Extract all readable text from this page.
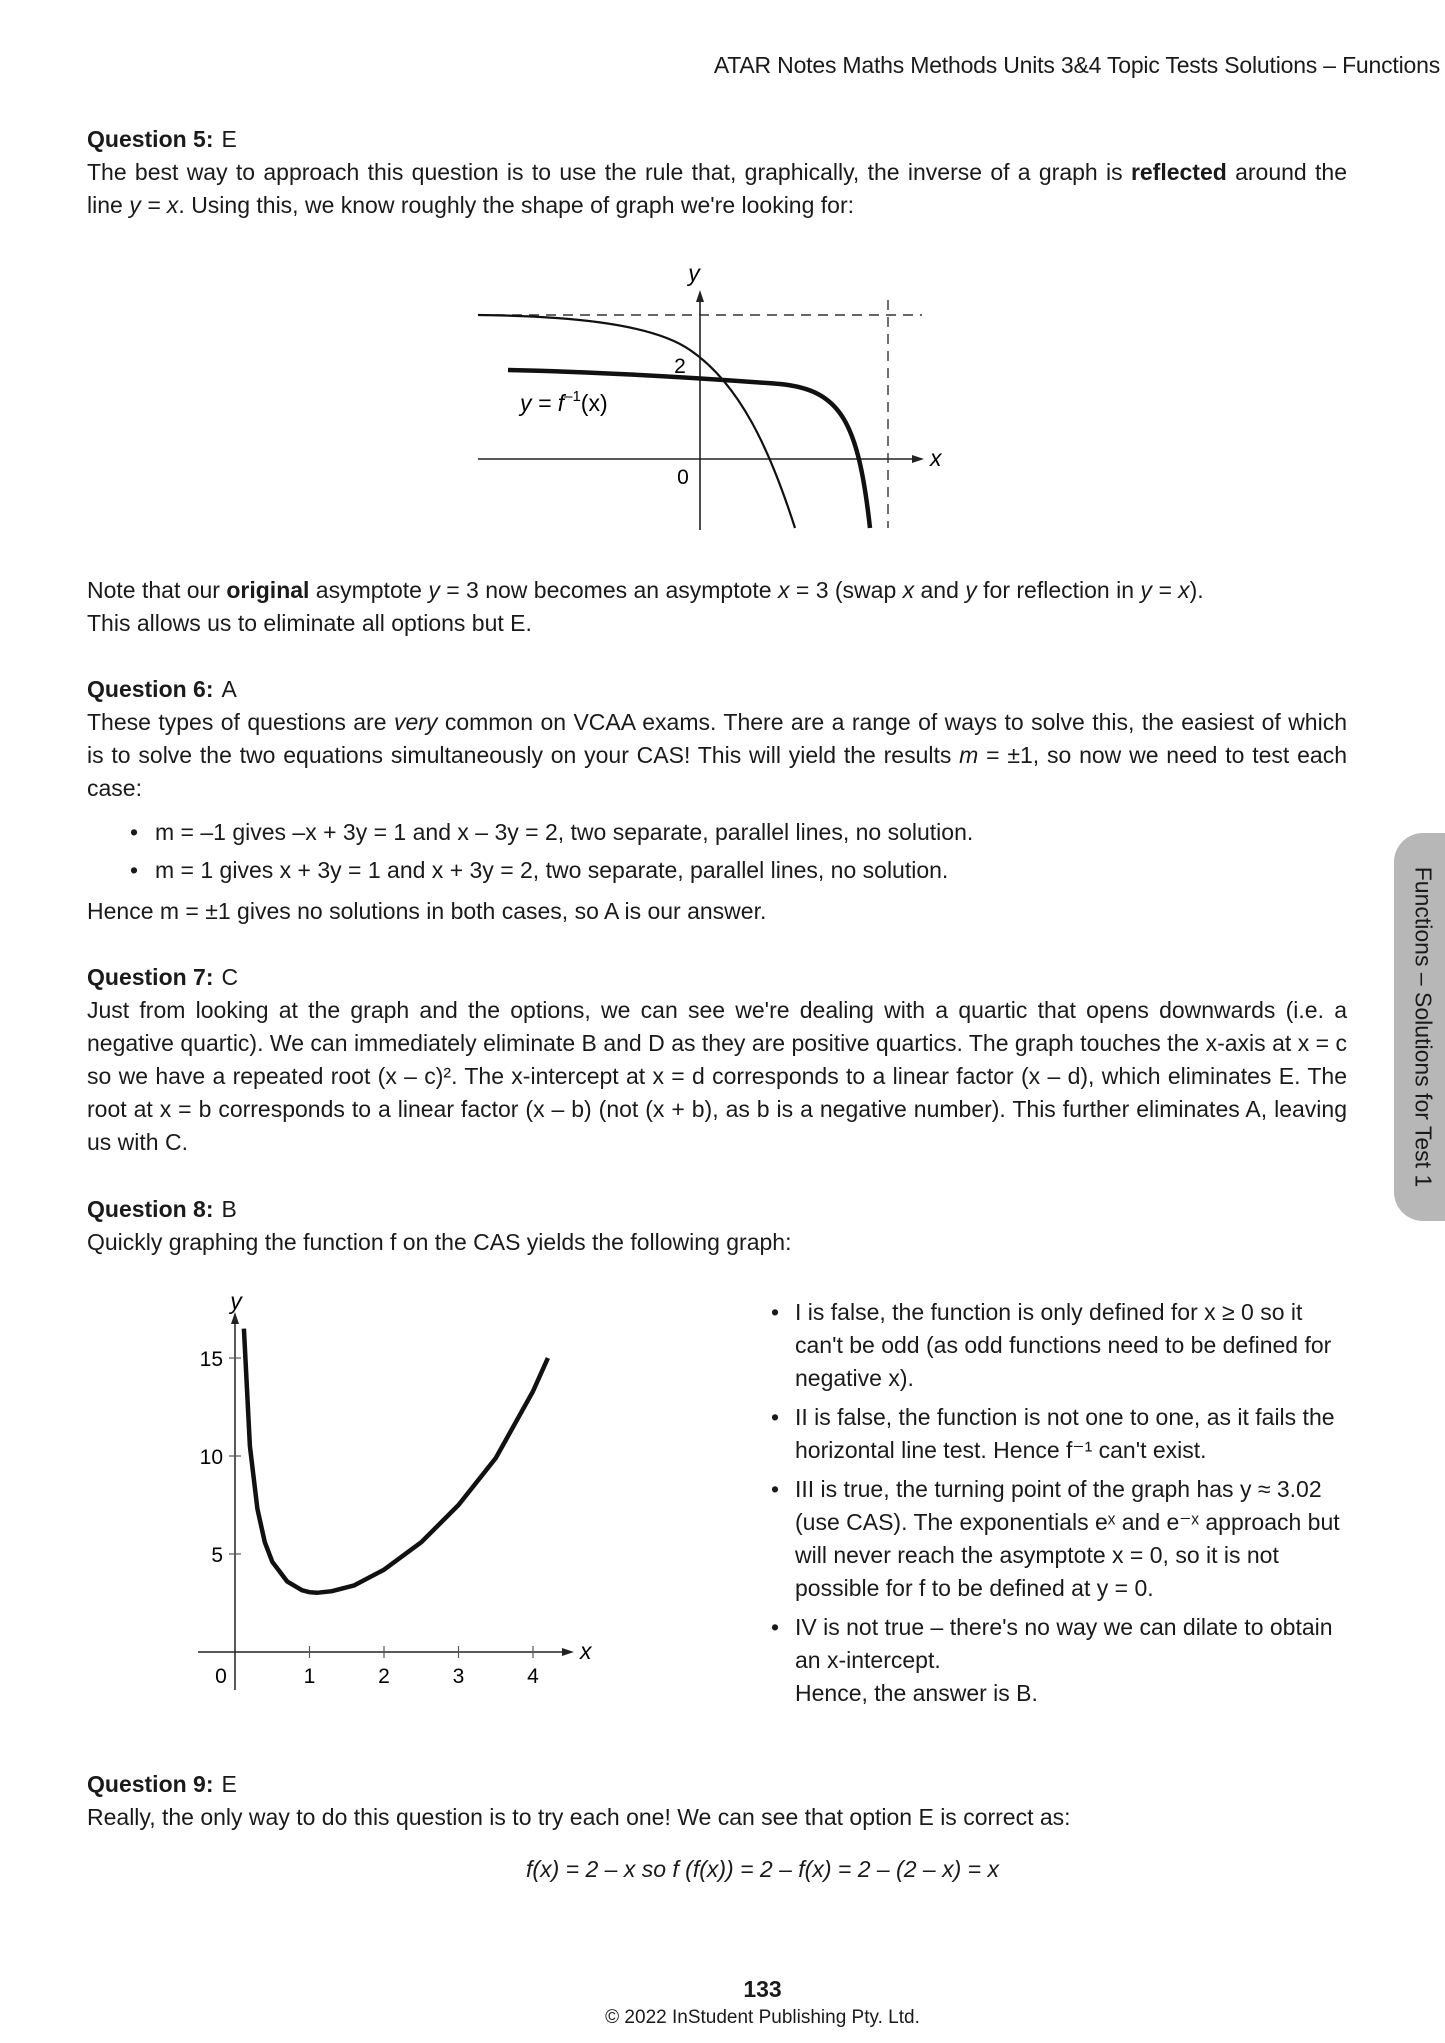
ATAR Notes Maths Methods Units 3&4 Topic Tests Solutions – Functions
Functions – Solutions for Test 1
Question 5: E

The best way to approach this question is to use the rule that, graphically, the inverse of a graph is reflected around the line y = x. Using this, we know roughly the shape of graph we're looking for:

y
x
0
2
$y = f^{-1}(x)$

Note that our original asymptote y = 3 now becomes an asymptote x = 3 (swap x and y for reflection in y = x).

This allows us to eliminate all options but E.

Question 6: A

These types of questions are very common on VCAA exams. There are a range of ways to solve this, the easiest of which is to solve the two equations simultaneously on your CAS! This will yield the results m = ±1, so now we need to test each case:

• m = –1 gives –x + 3y = 1 and x – 3y = 2, two separate, parallel lines, no solution.
• m = 1 gives x + 3y = 1 and x + 3y = 2, two separate, parallel lines, no solution.

Hence m = ±1 gives no solutions in both cases, so A is our answer.

Question 7: C

Just from looking at the graph and the options, we can see we're dealing with a quartic that opens downwards (i.e. a negative quartic). We can immediately eliminate B and D as they are positive quartics. The graph touches the x-axis at x = c so we have a repeated root (x – c)². The x-intercept at x = d corresponds to a linear factor (x – d), which eliminates E. The root at x = b corresponds to a linear factor (x – b) (not (x + b), as b is a negative number). This further eliminates A, leaving us with C.

Question 8: B

Quickly graphing the function f on the CAS yields the following graph:

0	1	2	3	4
5
10
15
y
x
• I is false, the function is only defined for x ≥ 0 so it can't be odd (as odd functions need to be defined for negative x).
• II is false, the function is not one to one, as it fails the horizontal line test. Hence f⁻¹ can't exist.
• III is true, the turning point of the graph has y ≈ 3.02 (use CAS). The exponentials eˣ and e⁻ˣ approach but will never reach the asymptote x = 0, so it is not possible for f to be defined at y = 0.
• IV is not true – there's no way we can dilate to obtain an x-intercept.
Hence, the answer is B.
Question 9: E

Really, the only way to do this question is to try each one! We can see that option E is correct as:

f(x) = 2 – x so f (f(x)) = 2 – f(x) = 2 – (2 – x) = x
133
© 2022 InStudent Publishing Pty. Ltd.
